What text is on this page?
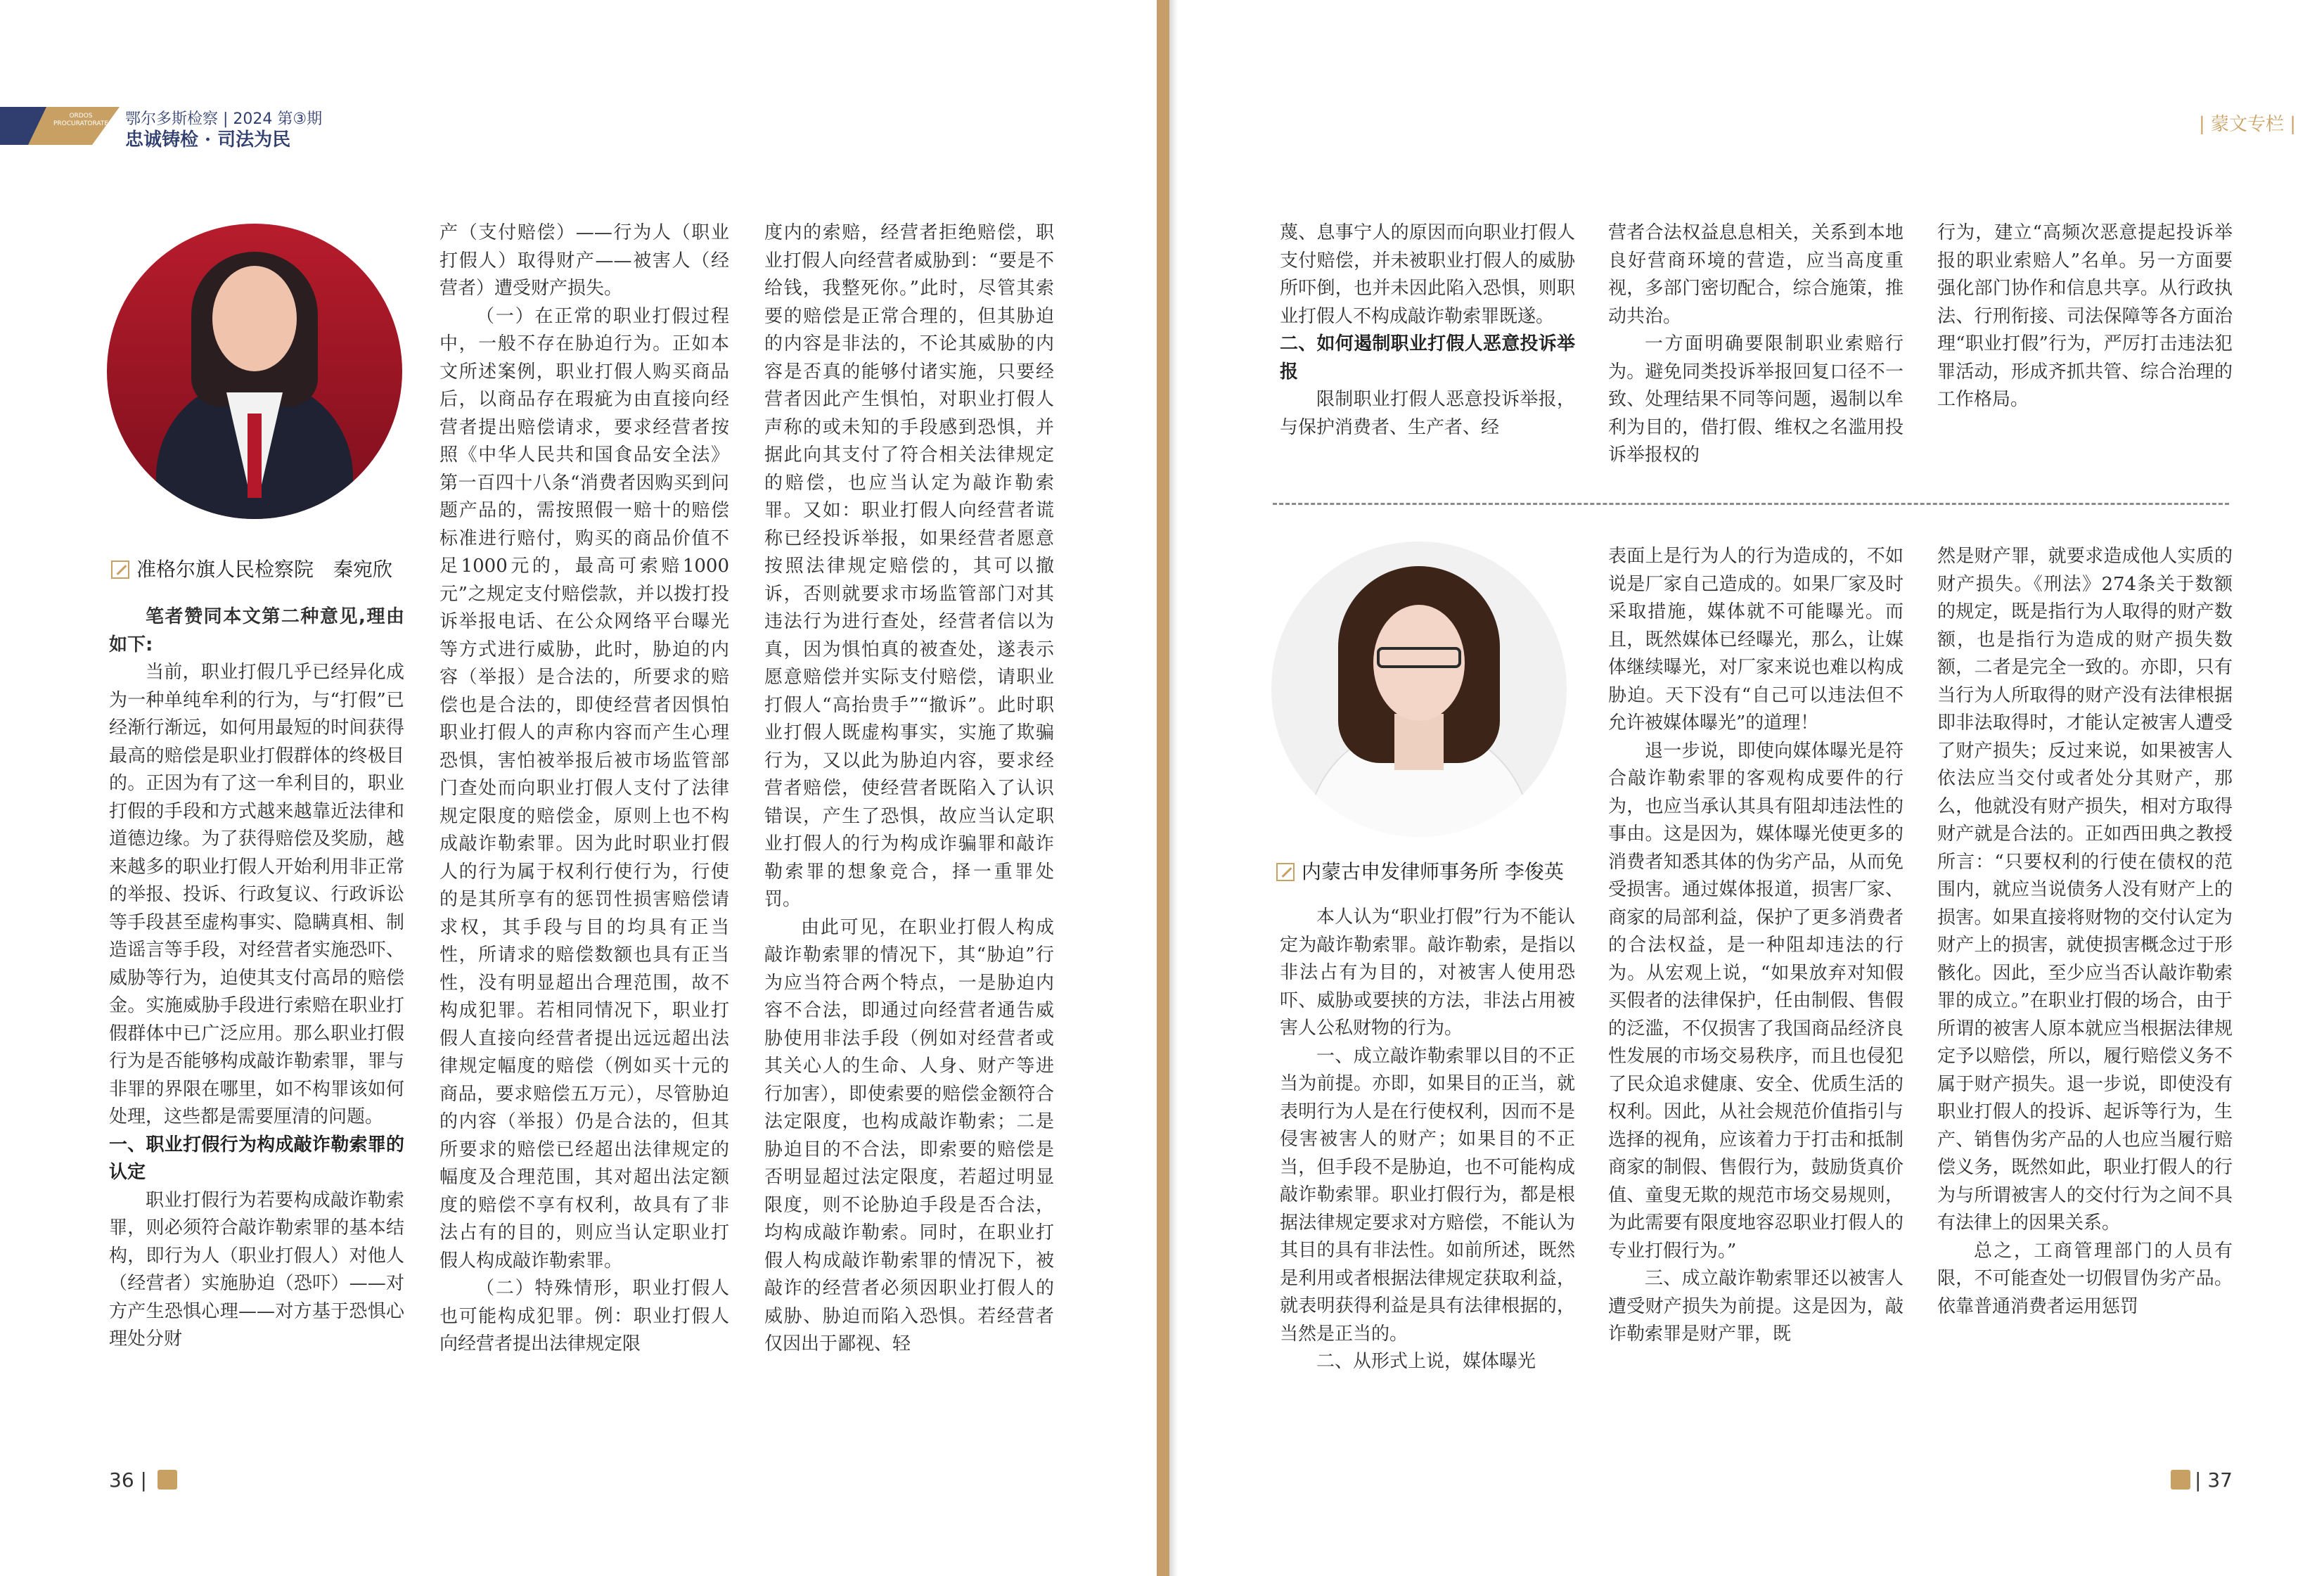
ORDOS PROCURATORATE	鄂尔多斯检察 | 2024 第③期
忠诚铸检 · 司法为民
准格尔旗人民检察院　秦宛欣

笔者赞同本文第二种意见,理由如下:

当前，职业打假几乎已经异化成为一种单纯牟利的行为，与“打假”已经渐行渐远，如何用最短的时间获得最高的赔偿是职业打假群体的终极目的。正因为有了这一牟利目的，职业打假的手段和方式越来越靠近法律和道德边缘。为了获得赔偿及奖励，越来越多的职业打假人开始利用非正常的举报、投诉、行政复议、行政诉讼等手段甚至虚构事实、隐瞒真相、制造谣言等手段，对经营者实施恐吓、威胁等行为，迫使其支付高昂的赔偿金。实施威胁手段进行索赔在职业打假群体中已广泛应用。那么职业打假行为是否能够构成敲诈勒索罪，罪与非罪的界限在哪里，如不构罪该如何处理，这些都是需要厘清的问题。

一、职业打假行为构成敲诈勒索罪的认定

职业打假行为若要构成敲诈勒索罪，则必须符合敲诈勒索罪的基本结构，即行为人（职业打假人）对他人（经营者）实施胁迫（恐吓）——对方产生恐惧心理——对方基于恐惧心理处分财

产（支付赔偿）——行为人（职业打假人）取得财产——被害人（经营者）遭受财产损失。

（一）在正常的职业打假过程中，一般不存在胁迫行为。正如本文所述案例，职业打假人购买商品后，以商品存在瑕疵为由直接向经营者提出赔偿请求，要求经营者按照《中华人民共和国食品安全法》第一百四十八条“消费者因购买到问题产品的，需按照假一赔十的赔偿标准进行赔付，购买的商品价值不足1000元的，最高可索赔1000元”之规定支付赔偿款，并以拨打投诉举报电话、在公众网络平台曝光等方式进行威胁，此时，胁迫的内容（举报）是合法的，所要求的赔偿也是合法的，即使经营者因惧怕职业打假人的声称内容而产生心理恐惧，害怕被举报后被市场监管部门查处而向职业打假人支付了法律规定限度的赔偿金，原则上也不构成敲诈勒索罪。因为此时职业打假人的行为属于权利行使行为，行使的是其所享有的惩罚性损害赔偿请求权，其手段与目的均具有正当性，所请求的赔偿数额也具有正当性，没有明显超出合理范围，故不构成犯罪。若相同情况下，职业打假人直接向经营者提出远远超出法律规定幅度的赔偿（例如买十元的商品，要求赔偿五万元），尽管胁迫的内容（举报）仍是合法的，但其所要求的赔偿已经超出法律规定的幅度及合理范围，其对超出法定额度的赔偿不享有权利，故具有了非法占有的目的，则应当认定职业打假人构成敲诈勒索罪。

（二）特殊情形，职业打假人也可能构成犯罪。例：职业打假人向经营者提出法律规定限

度内的索赔，经营者拒绝赔偿，职业打假人向经营者威胁到：“要是不给钱，我整死你。”此时，尽管其索要的赔偿是正常合理的，但其胁迫的内容是非法的，不论其威胁的内容是否真的能够付诸实施，只要经营者因此产生惧怕，对职业打假人声称的或未知的手段感到恐惧，并据此向其支付了符合相关法律规定的赔偿，也应当认定为敲诈勒索罪。又如：职业打假人向经营者谎称已经投诉举报，如果经营者愿意按照法律规定赔偿的，其可以撤诉，否则就要求市场监管部门对其违法行为进行查处，经营者信以为真，因为惧怕真的被查处，遂表示愿意赔偿并实际支付赔偿，请职业打假人“高抬贵手”“撤诉”。此时职业打假人既虚构事实，实施了欺骗行为，又以此为胁迫内容，要求经营者赔偿，使经营者既陷入了认识错误，产生了恐惧，故应当认定职业打假人的行为构成诈骗罪和敲诈勒索罪的想象竞合，择一重罪处罚。

由此可见，在职业打假人构成敲诈勒索罪的情况下，其“胁迫”行为应当符合两个特点，一是胁迫内容不合法，即通过向经营者通告威胁使用非法手段（例如对经营者或其关心人的生命、人身、财产等进行加害），即使索要的赔偿金额符合法定限度，也构成敲诈勒索；二是胁迫目的不合法，即索要的赔偿是否明显超过法定限度，若超过明显限度，则不论胁迫手段是否合法，均构成敲诈勒索。同时，在职业打假人构成敲诈勒索罪的情况下，被敲诈的经营者必须因职业打假人的威胁、胁迫而陷入恐惧。若经营者仅因出于鄙视、轻

36 |
| 蒙文专栏 |

蔑、息事宁人的原因而向职业打假人支付赔偿，并未被职业打假人的威胁所吓倒，也并未因此陷入恐惧，则职业打假人不构成敲诈勒索罪既遂。

二、如何遏制职业打假人恶意投诉举报

限制职业打假人恶意投诉举报，与保护消费者、生产者、经

营者合法权益息息相关，关系到本地良好营商环境的营造，应当高度重视，多部门密切配合，综合施策，推动共治。

一方面明确要限制职业索赔行为。避免同类投诉举报回复口径不一致、处理结果不同等问题，遏制以牟利为目的，借打假、维权之名滥用投诉举报权的

行为，建立“高频次恶意提起投诉举报的职业索赔人”名单。另一方面要强化部门协作和信息共享。从行政执法、行刑衔接、司法保障等各方面治理“职业打假”行为，严厉打击违法犯罪活动，形成齐抓共管、综合治理的工作格局。

内蒙古申发律师事务所 李俊英

本人认为“职业打假”行为不能认定为敲诈勒索罪。敲诈勒索，是指以非法占有为目的，对被害人使用恐吓、威胁或要挟的方法，非法占用被害人公私财物的行为。

一、成立敲诈勒索罪以目的不正当为前提。亦即，如果目的正当，就表明行为人是在行使权利，因而不是侵害被害人的财产；如果目的不正当，但手段不是胁迫，也不可能构成敲诈勒索罪。职业打假行为，都是根据法律规定要求对方赔偿，不能认为其目的具有非法性。如前所述，既然是利用或者根据法律规定获取利益，就表明获得利益是具有法律根据的，当然是正当的。

二、从形式上说，媒体曝光

表面上是行为人的行为造成的，不如说是厂家自己造成的。如果厂家及时采取措施，媒体就不可能曝光。而且，既然媒体已经曝光，那么，让媒体继续曝光，对厂家来说也难以构成胁迫。天下没有“自己可以违法但不允许被媒体曝光”的道理！

退一步说，即使向媒体曝光是符合敲诈勒索罪的客观构成要件的行为，也应当承认其具有阻却违法性的事由。这是因为，媒体曝光使更多的消费者知悉其体的伪劣产品，从而免受损害。通过媒体报道，损害厂家、商家的局部利益，保护了更多消费者的合法权益，是一种阻却违法的行为。从宏观上说，“如果放弃对知假买假者的法律保护，任由制假、售假的泛滥，不仅损害了我国商品经济良性发展的市场交易秩序，而且也侵犯了民众追求健康、安全、优质生活的权利。因此，从社会规范价值指引与选择的视角，应该着力于打击和抵制商家的制假、售假行为，鼓励货真价值、童叟无欺的规范市场交易规则，为此需要有限度地容忍职业打假人的专业打假行为。”

三、成立敲诈勒索罪还以被害人遭受财产损失为前提。这是因为，敲诈勒索罪是财产罪，既

然是财产罪，就要求造成他人实质的财产损失。《刑法》274条关于数额的规定，既是指行为人取得的财产数额，也是指行为造成的财产损失数额，二者是完全一致的。亦即，只有当行为人所取得的财产没有法律根据即非法取得时，才能认定被害人遭受了财产损失；反过来说，如果被害人依法应当交付或者处分其财产，那么，他就没有财产损失，相对方取得财产就是合法的。正如西田典之教授所言：“只要权利的行使在债权的范围内，就应当说债务人没有财产上的损害。如果直接将财物的交付认定为财产上的损害，就使损害概念过于形骸化。因此，至少应当否认敲诈勒索罪的成立。”在职业打假的场合，由于所谓的被害人原本就应当根据法律规定予以赔偿，所以，履行赔偿义务不属于财产损失。退一步说，即使没有职业打假人的投诉、起诉等行为，生产、销售伪劣产品的人也应当履行赔偿义务，既然如此，职业打假人的行为与所谓被害人的交付行为之间不具有法律上的因果关系。

总之，工商管理部门的人员有限，不可能查处一切假冒伪劣产品。依靠普通消费者运用惩罚

| 37
